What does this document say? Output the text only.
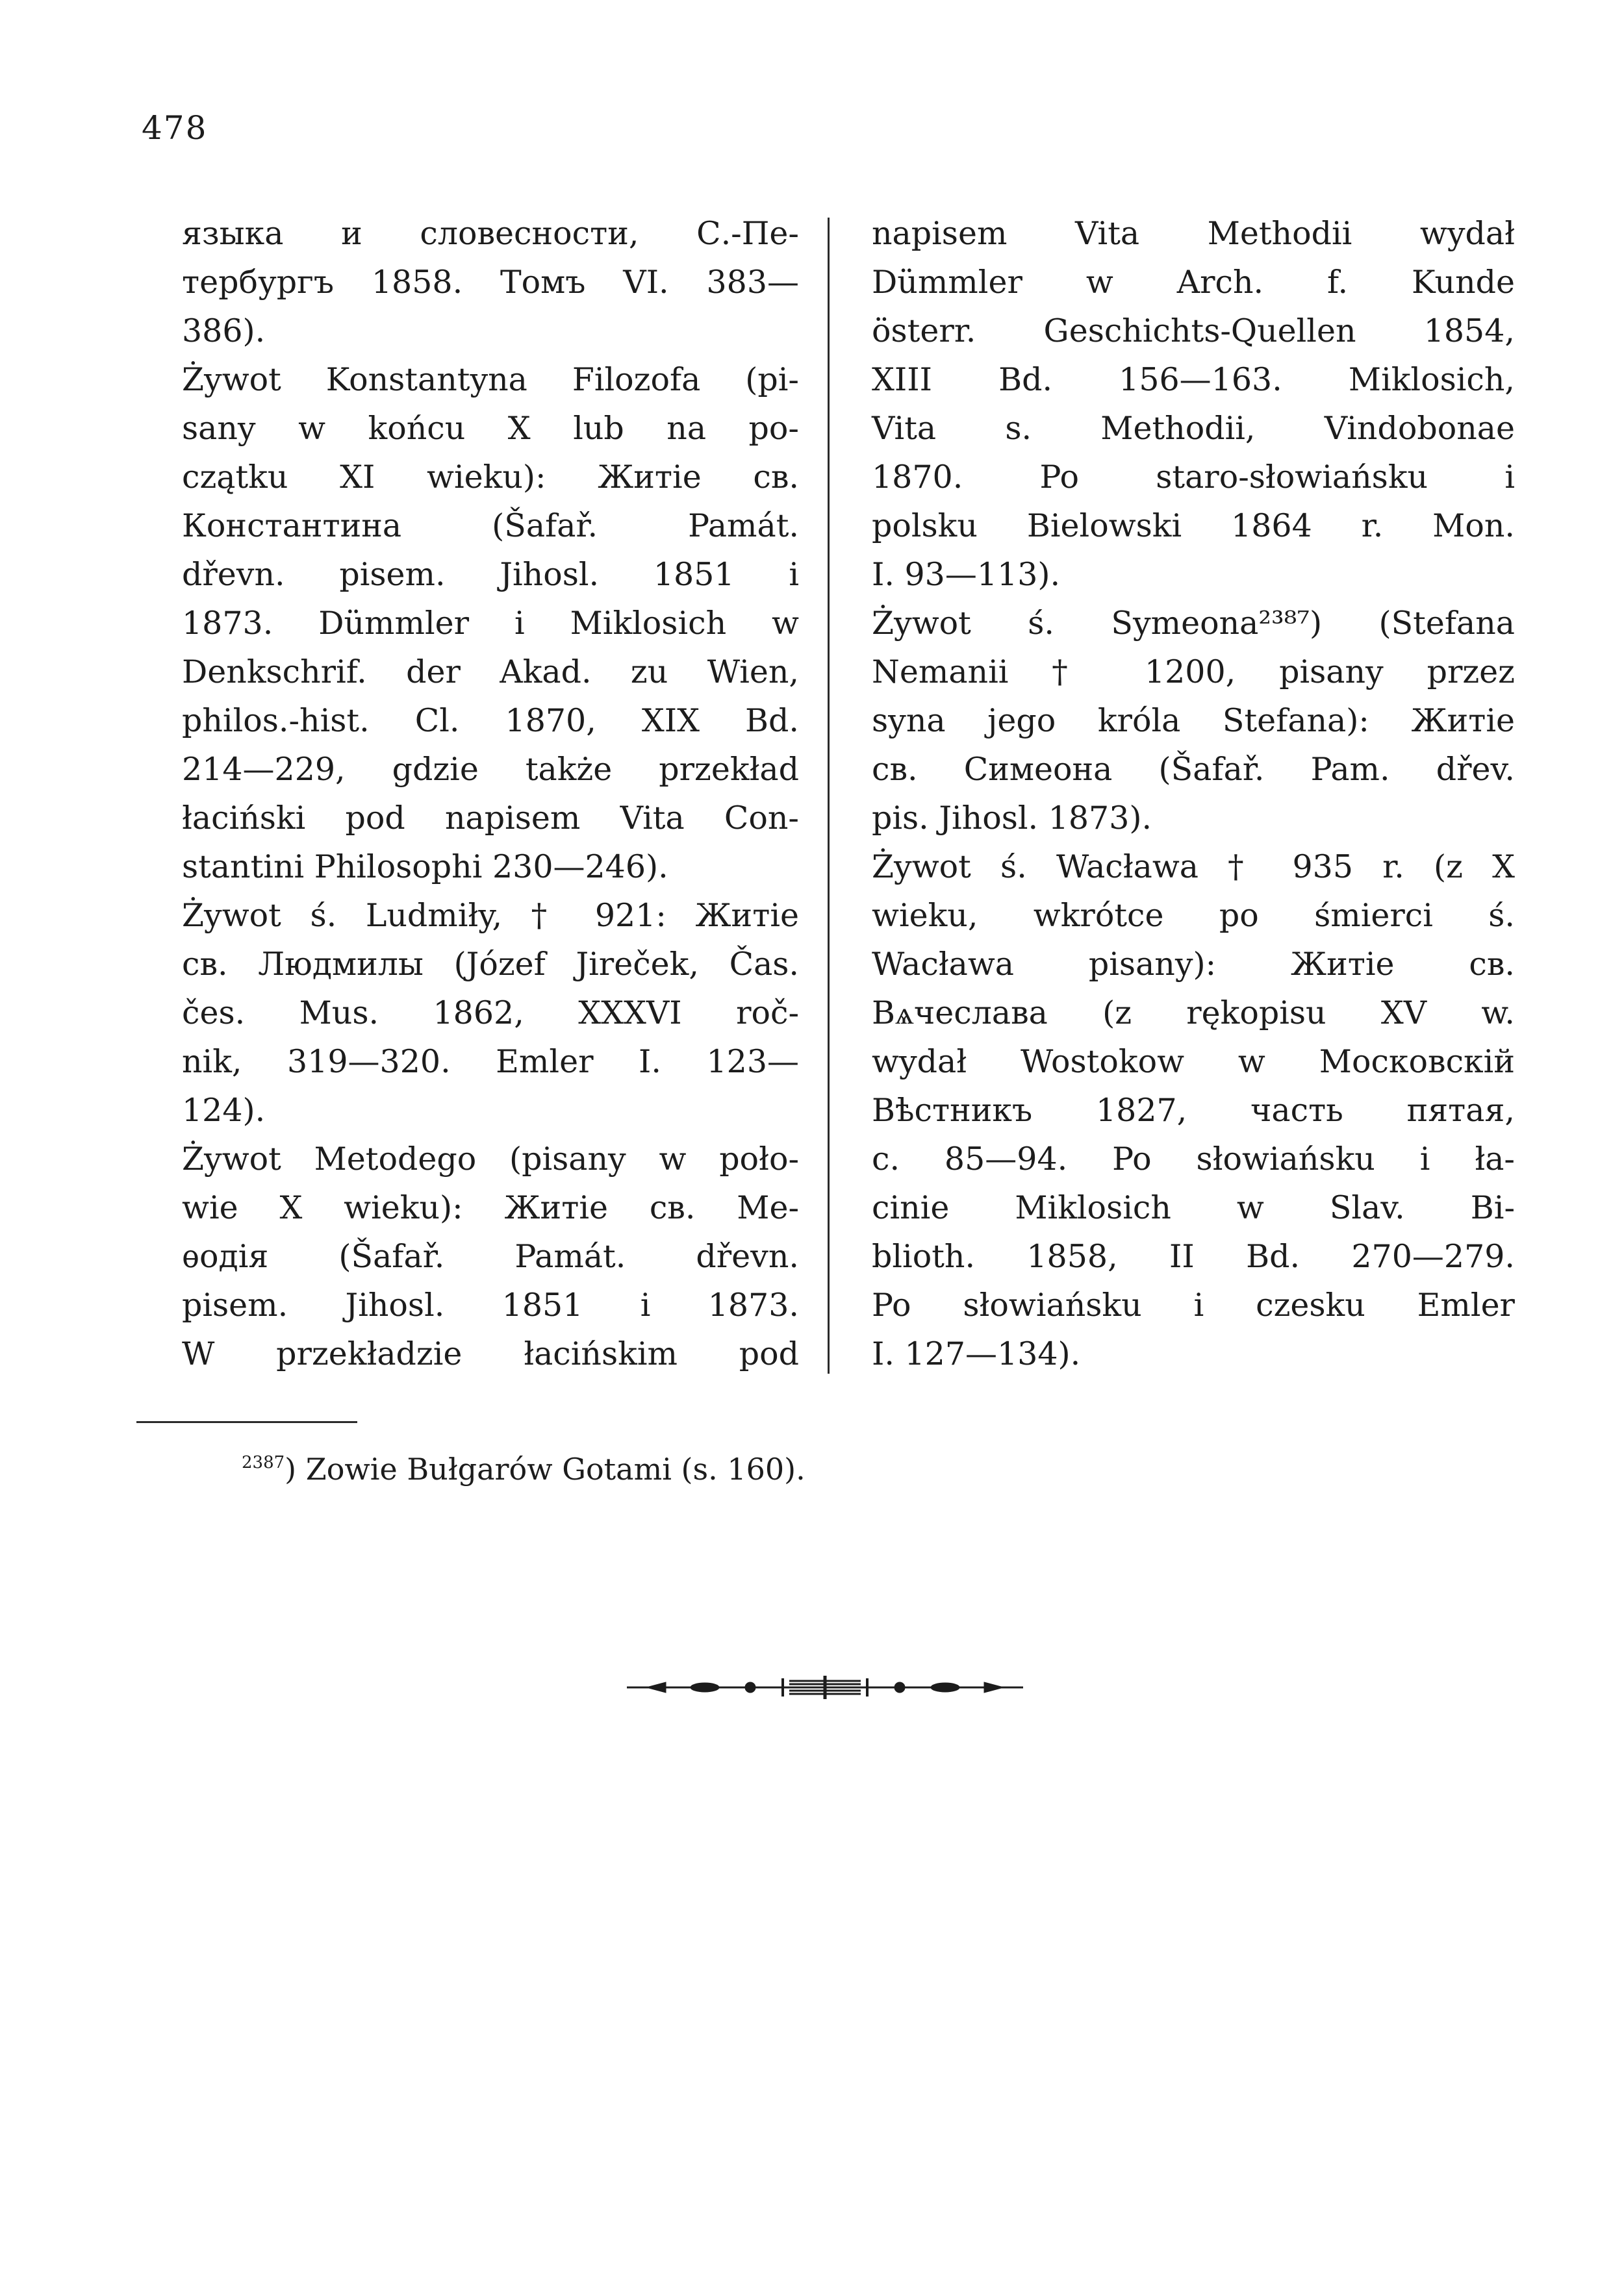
478
языка и словесности, С.-Пе-
тербургъ 1858. Томъ VI. 383—
386).
Żywot Konstantyna Filozofa (pi-
sany w końcu X lub na po-
czątku XI wieku): Житiе св.
Константина (Šafař. Památ.
dřevn. pisem. Jihosl. 1851 i
1873. Dümmler i Miklosich w
Denkschrif. der Akad. zu Wien,
philos.-hist. Cl. 1870, XIX Bd.
214—229, gdzie także przekład
łaciński pod napisem Vita Con-
stantini Philosophi 230—246).
Żywot ś. Ludmiły, † 921: Житiе
св. Людмилы (Józef Jireček, Čas.
čes. Mus. 1862, XXXVI roč-
nik, 319—320. Emler I. 123—
124).
Żywot Metodego (pisany w poło-
wie X wieku): Житiе св. Ме-
ѳодiя (Šafař. Památ. dřevn.
pisem. Jihosl. 1851 i 1873.
W przekładzie łacińskim pod
napisem Vita Methodii wydał
Dümmler w Arch. f. Kunde
österr. Geschichts-Quellen 1854,
XIII Bd. 156—163. Miklosich,
Vita s. Methodii, Vindobonae
1870. Po staro-słowiańsku i
polsku Bielowski 1864 r. Mon.
I. 93—113).
Żywot ś. Symeona²³⁸⁷) (Stefana
Nemanii † 1200, pisany przez
syna jego króla Stefana): Житiе
св. Симеона (Šafař. Pam. dřev.
pis. Jihosl. 1873).
Żywot ś. Wacława † 935 r. (z X
wieku, wkrótce po śmierci ś.
Wacława pisany): Житiе св.
Вѧчеслава (z rękopisu XV w.
wydał Wostokow w Московскiй
Вѣстникъ 1827, часть пятая,
с. 85—94. Po słowiańsku i ła-
cinie Miklosich w Slav. Bi-
blioth. 1858, II Bd. 270—279.
Po słowiańsku i czesku Emler
I. 127—134).
$^{2387}$) Zowie Bułgarów Gotami (s. 160).
